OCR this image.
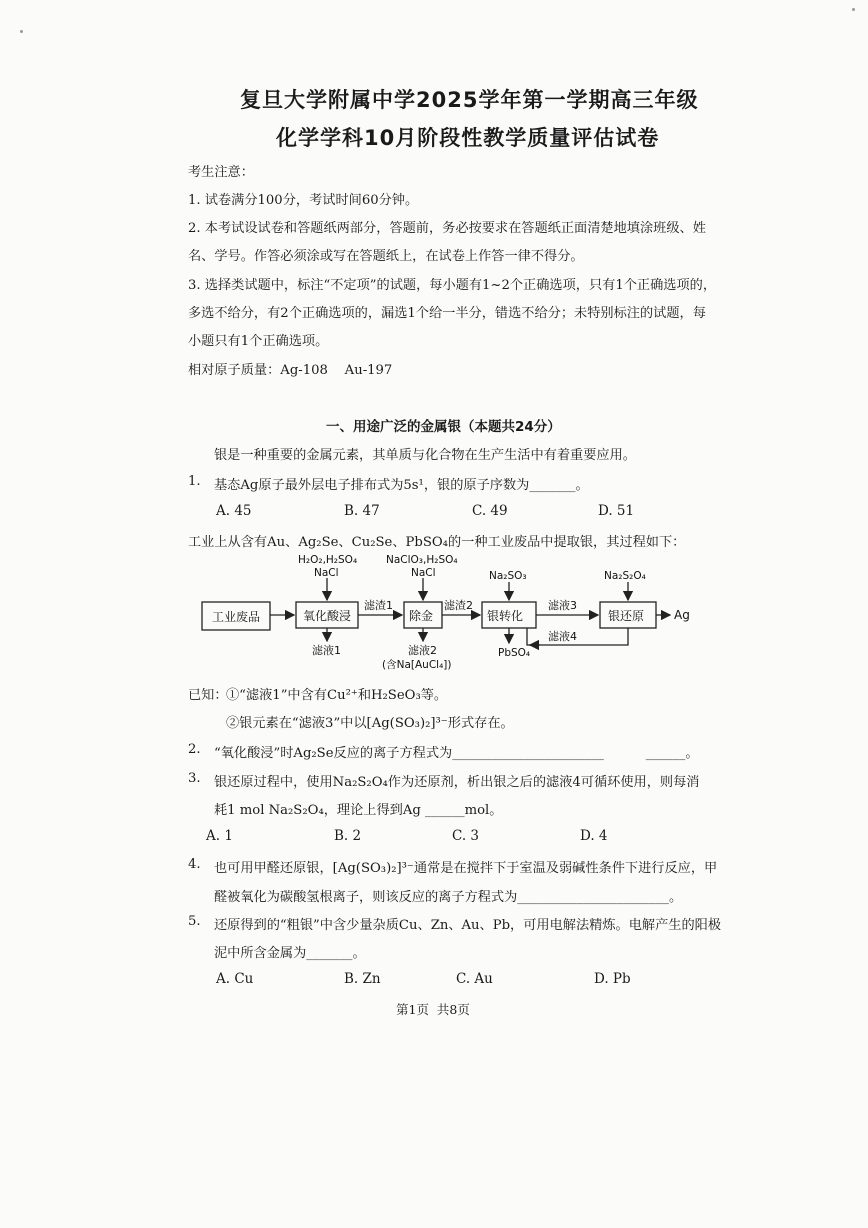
复旦大学附属中学2025学年第一学期高三年级
化学学科10月阶段性教学质量评估试卷
考生注意：
1. 试卷满分100分，考试时间60分钟。
2. 本考试设试卷和答题纸两部分，答题前，务必按要求在答题纸正面清楚地填涂班级、姓
名、学号。作答必须涂或写在答题纸上，在试卷上作答一律不得分。
3. 选择类试题中，标注“不定项”的试题，每小题有1~2个正确选项，只有1个正确选项的，
多选不给分，有2个正确选项的，漏选1个给一半分，错选不给分；未特别标注的试题，每
小题只有1个正确选项。
相对原子质量：Ag-108    Au-197
一、用途广泛的金属银（本题共24分）
银是一种重要的金属元素，其单质与化合物在生产生活中有着重要应用。
1. 基态Ag原子最外层电子排布式为5s¹，银的原子序数为_______。
A. 45	B. 47	C. 49	D. 51
工业上从含有Au、Ag₂Se、Cu₂Se、PbSO₄的一种工业废品中提取银，其过程如下：
工业废品	氧化酸浸	除金	银转化	银还原
H₂O₂,H₂SO₄
NaCl
NaClO₃,H₂SO₄
NaCl	Na₂SO₃	Na₂S₂O₄
滤渣1	滤渣2	滤液3
滤液1	滤液2
(含Na[AuCl₄])
PbSO₄
滤液4
Ag
已知：
①“滤液1”中含有Cu²⁺和H₂SeO₃等。
②银元素在“滤液3”中以[Ag(SO₃)₂]³⁻形式存在。
2. “氧化酸浸”时Ag₂Se反应的离子方程式为_______________________          ______。
3. 银还原过程中，使用Na₂S₂O₄作为还原剂，析出银之后的滤液4可循环使用，则每消
耗1 mol Na₂S₂O₄，理论上得到Ag ______mol。
A. 1	B. 2	C. 3	D. 4
4. 也可用甲醛还原银，[Ag(SO₃)₂]³⁻通常是在搅拌下于室温及弱碱性条件下进行反应，甲
醛被氧化为碳酸氢根离子，则该反应的离子方程式为_______________________。
5. 还原得到的“粗银”中含少量杂质Cu、Zn、Au、Pb，可用电解法精炼。电解产生的阳极
泥中所含金属为_______。
A. Cu	B. Zn	C. Au	D. Pb
第1页  共8页
